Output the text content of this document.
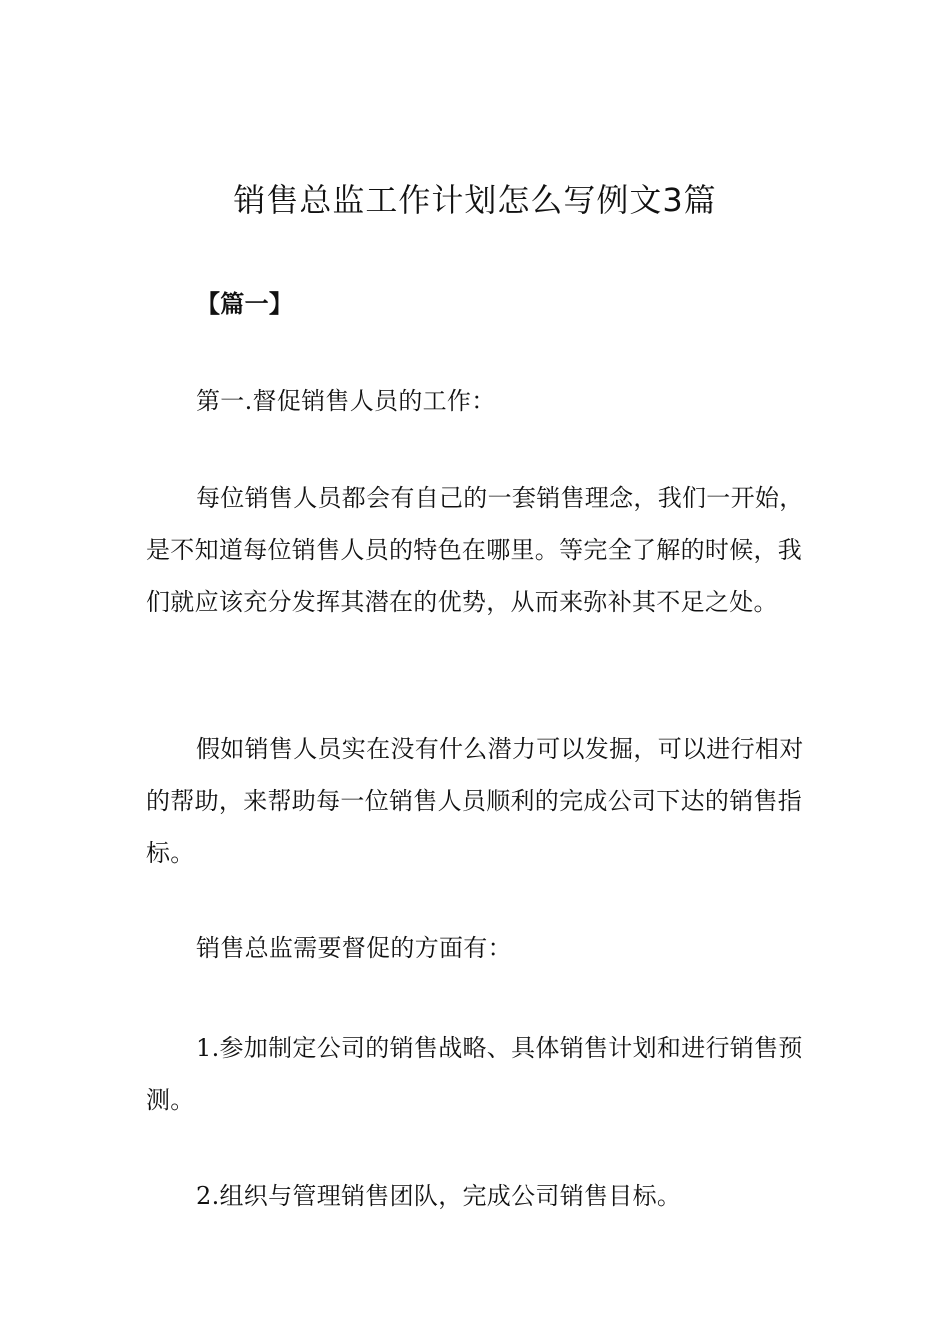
销售总监工作计划怎么写例文3篇

【篇一】

第一.督促销售人员的工作：

每位销售人员都会有自己的一套销售理念，我们一开始，是不知道每位销售人员的特色在哪里。等完全了解的时候，我们就应该充分发挥其潜在的优势，从而来弥补其不足之处。

假如销售人员实在没有什么潜力可以发掘，可以进行相对的帮助，来帮助每一位销售人员顺利的完成公司下达的销售指标。

销售总监需要督促的方面有：

1.参加制定公司的销售战略、具体销售计划和进行销售预测。

2.组织与管理销售团队，完成公司销售目标。
